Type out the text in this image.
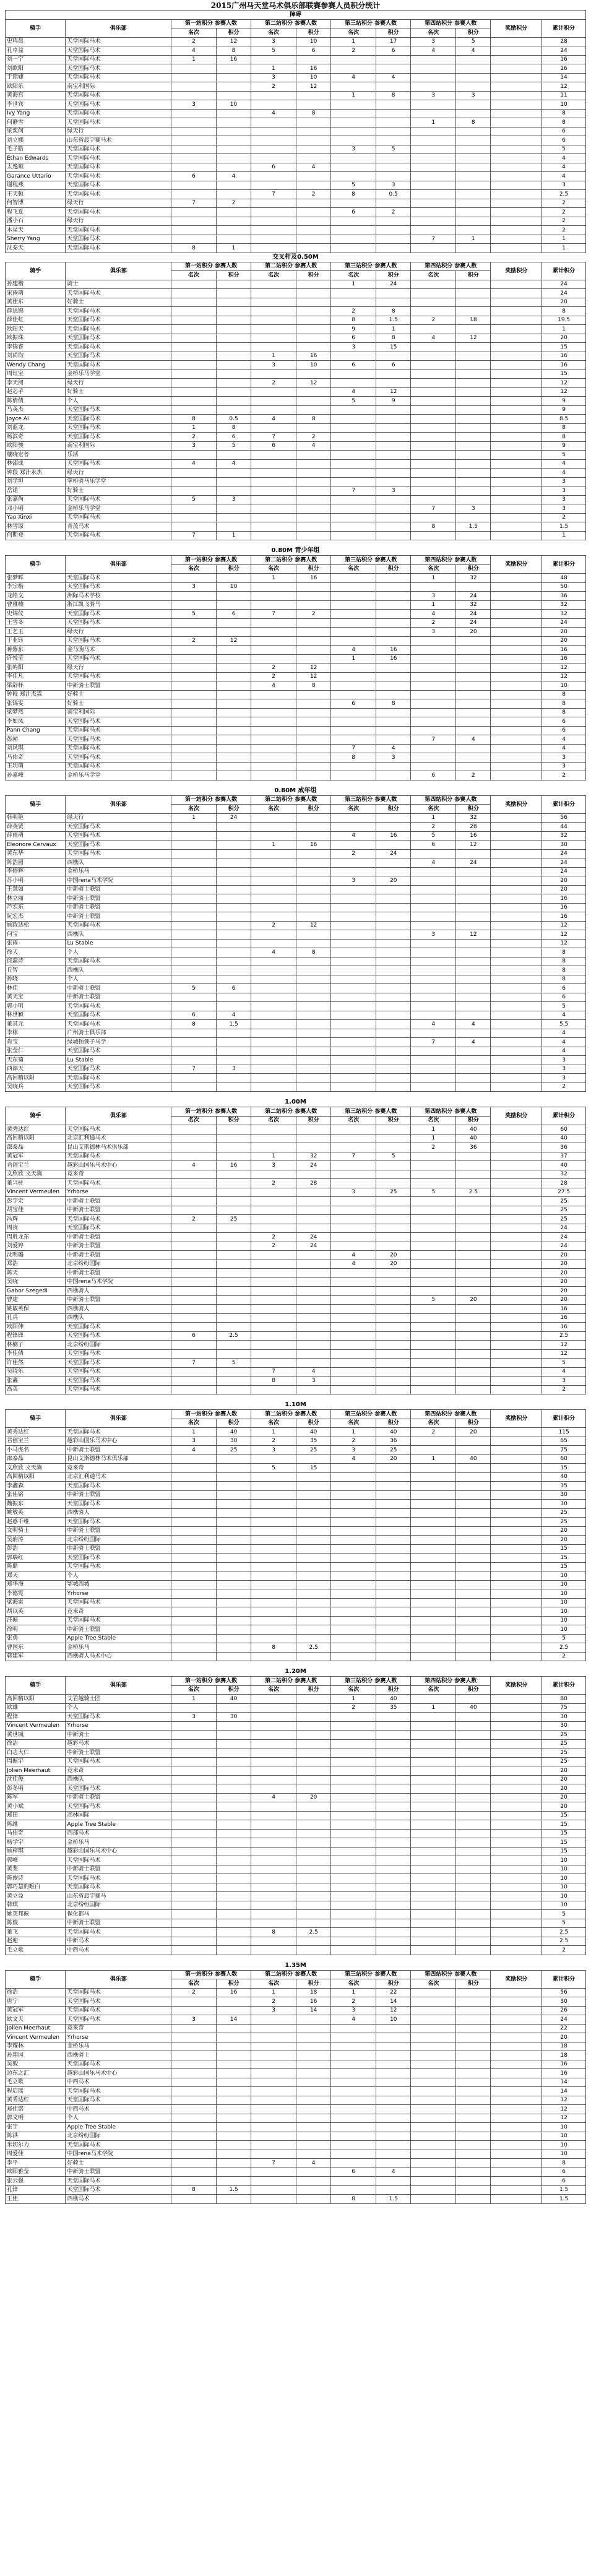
2015广州马天堂马术俱乐部联赛参赛人员积分统计
障碍											
骑手	俱乐部	第一站积分 参赛人数		第二站积分 参赛人数		第三站积分 参赛人数		第四站积分 参赛人数		奖励积分	累计积分
		名次	积分	名次	积分	名次	积分	名次	积分		
史鸣晨	天堂国际马术	2	12	3	10	1	17	3	5		28
孔卓益	天堂国际马术	4	8	5	6	2	6	4	4		24
刘一宁	天堂国际马术	1	16								16
刘欧阳	天堂国际马术			1	16						16
于铭婕	天堂国际马术			3	10	4	4				14
欧阳乐	南宝利国际			2	12						12
黄海宫	天堂国际马术					1	8	3	3		11
李世宾	天堂国际马术	3	10								10
Ivy Yang	天堂国际马术			4	8						8
何静雪	天堂国际马术							1	8		8
梁奕何	绿天行										6
刘立娜	山东省晨宇赛马术										6
毛子皓	天堂国际马术					3	5				5
Ethan Edwards	天堂国际马术										4
太逸顺	天堂国际马术			6	4						4
Garance Uttario	天堂国际马术	6	4								4
谢程燕	天堂国际马术					5	3				3
王天顿	天堂国际马术			7	2	8	0.5				2.5
何智博	绿天行	7	2								2
程飞夏	天堂国际马术					6	2				2
潘小石	绿天行										2
木星天	天堂国际马术										2
Sherry Yang	天堂国际马术							7	1		1
沈泰天	天堂国际马术	8	1								1
交叉杆及0.50M
骑手	俱乐部	第一站积分 参赛人数		第二站积分 参赛人数		第三站积分 参赛人数		第四站积分 参赛人数		奖励积分	累计积分
		名次	积分	名次	积分	名次	积分	名次	积分		
孙建楷	骑士					1	24				24
宋雨萌	天堂国际马术										24
黄佳东	好骑士										20
薛思锦	天堂国际马术					2	8				8
薛佳虹	天堂国际马术					8	1.5	2	18		19.5
欧阳天	天堂国际马术					9	1				1
欧振珠	天堂国际马术					6	8	4	12		20
李锦睿	天堂国际马术					3	15				15
刘尚均	天堂国际马术			1	16						16
Wendy Chang	天堂国际马术			3	10	6	6				16
周钰宝	金桥乐马学堂										15
李天阅	绿天行			2	12						12
赵芯芋	好骑士					4	12				12
陈倩倩	个人					5	9				9
马英杰	天堂国际马术										9
Joyce Ai	天堂国际马术	8	0.5	4	8						8.5
刘蓝龙	天堂国际马术	1	8								8
杨滨奇	天堂国际马术	2	6	7	2						8
欧阳骏	南宝利国际	3	5	6	4						9
楼晓宏者	乐活										5
林邵成	天堂国际马术	4	4								4
钟段 郑汁永杰	绿天行										4
刘学坦	掌柜骑马乐学堂										3
岳诺	好骑士					7	3				3
张嘉尚	天堂国际马术	5	3								3
邓小明	金桥乐马学堂							7	3		3
Yao Xinxi	天堂国际马术										2
林雪原	青茂马术							8	1.5		1.5
何斯登	天堂国际马术	7	1								1
0.80M 青少年组
骑手	俱乐部	第一站积分 参赛人数		第二站积分 参赛人数		第三站积分 参赛人数		第四站积分 参赛人数		奖励积分	累计积分
		名次	积分	名次	积分	名次	积分	名次	积分		
张梦晖	天堂国际马术			1	16			1	32		48
李宗楷	天堂国际马术	3	10								50
龙皓文	洲际马术学校							3	24		36
曹雅楠	浙江凯飞骑马							1	32		32
史锦仪	天堂国际马术	5	6	7	2			4	24		32
王雪冬	天堂国际马术							2	24		24
王艺玉	绿天行							3	20		20
于业钰	天堂国际马术	2	12								20
蒋紫东	金马驹马术					4	16				16
许悦莹	天堂国际马术					1	16				16
张屿阳	绿天行			2	12						12
李佳凡	天堂国际马术			2	12						12
梁辞杯	中新骑士联盟			4	8						10
钟段 郑汁杰霖	好骑士										8
张锦雯	好骑士					6	8				8
梁梦然	南宝利国际										8
李如凤	天堂国际马术										6
Pann Chang	天堂国际马术										6
彭闻	天堂国际马术							7	4		4
刘风琪	天堂国际马术					7	4				4
马佑奇	天堂国际马术					8	3				3
王玥萌	天堂国际马术										3
孙嘉峰	金桥乐马学堂							6	2		2
0.80M 成年组
骑手	俱乐部	第一站积分 参赛人数		第二站积分 参赛人数		第三站积分 参赛人数		第四站积分 参赛人数		奖励积分	累计积分
		名次	积分	名次	积分	名次	积分	名次	积分		
韩明艳	绿天行	1	24					1	32		56
薛英贤	天堂国际马术							2	28		44
薛雨萌	天堂国际马术					4	16	5	16		32
Eleonore Cervaux	天堂国际马术			1	16			6	12		30
黄东华	天堂国际马术					2	24				24
陈浩圆	西樵队							4	24		24
李婷辉	金桥乐马										24
苏小明	中国rena马术学院					3	20				20
王慧如	中新骑士联盟										20
林立丽	中新骑士联盟										16
芦宏东	中新骑士联盟										16
阮宏杰	中新骑士联盟										16
顾政达松	天堂国际马术			2	12						12
何宝	西樵队							3	12		12
张雨	Lu Stable										12
徐天	个人			4	8						8
邱蕊诗	天堂国际马术										8
丘智	西樵队										8
孙晓	个人										8
林佳	中新骑士联盟	5	6								6
黄天宝	中新骑士联盟										6
郭小明	天堂国际马术										5
林世颖	天堂国际马术	6	4								4
董其元	天堂国际马术	8	1.5					4	4		5.5
李栋	广州骑士俱乐部										4
肖宝	绿城顿领子马学							7	4		4
张莹仁	天堂国际马术										4
天东菊	Lu Stable										3
西部天	天堂国际马术	7	3								3
高回精以阳	天堂国际马术										3
吴晓兵	天堂国际马术										2
1.00M
骑手	俱乐部	第一站积分 参赛人数		第二站积分 参赛人数		第三站积分 参赛人数		第四站积分 参赛人数		奖励积分	累计积分
		名次	积分	名次	积分	名次	积分	名次	积分		
黄秀达红	天堂国际马术							1	40		60
高回精以阳	北京汇利通马术							1	40		40
邵泰晶	昆山艾斯德林马术俱乐部							2	36		36
黄冠军	天堂国际马术			1	32	7	5				37
君创宝兰	越彩山国乐马术中心	4	16	3	24						40
文欣欣 文天驹	竞来奇										32
董兴驻	天堂国际马术			2	28						28
Vincent Vermeulen	Yrhorse					3	25	5	2.5		27.5
彭宇宏	中新骑士联盟										25
胡宝佳	中新骑士联盟										25
冯辉	天堂国际马术	2	25								25
周夜	天堂国际马术										24
周胜龙东	中新骑士联盟			2	24						24
刘爱婷	中新骑士联盟			2	24						24
沈明璐	中新骑士联盟					4	20				20
郑浩	北京纷纷国际					4	20				20
陈天	中新骑士联盟										20
吴晓	中国rena马术学院										20
Gabor Szegedi	西樵骑人										20
曹建	中新骑士联盟							5	20		20
姚敏英保	西樵骑人										16
孔兵	西樵队										16
欧阳伸	天堂国际马术										16
程锋锋	天堂国际马术	6	2.5								2.5
林楠子	北京纷纷国际										12
李佳倩	天堂国际马术										12
许佳然	天堂国际马术	7	5								5
吴晓乐	天堂国际马术			7	4						4
张鑫	天堂国际马术			8	3						3
高英	天堂国际马术										2
1.10M
骑手	俱乐部	第一站积分 参赛人数		第二站积分 参赛人数		第三站积分 参赛人数		第四站积分 参赛人数		奖励积分	累计积分
		名次	积分	名次	积分	名次	积分	名次	积分		
黄秀达红	天堂国际马术	1	40	1	40	1	40	2	20		115
君创宝兰	越彩山国乐马术中心	3	30	2	35	2	36				65
小马虎名	中新骑士联盟	4	25	3	25	3	25				75
邵泰晶	昆山艾斯德林马术俱乐部					4	20	1	40		60
文欣欣 文天驹	竞来奇			5	15						15
高回精以阳	北京汇利通马术										40
李鑫森	天堂国际马术										35
张佳铭	中新骑士联盟										30
魏振东	天堂国际马术										30
姚敏英	西樵骑人										25
赵惑千维	天堂国际马术										25
文明骑士	中新骑士联盟										20
吴韵涛	北京纷纷国际										20
彭浩	中新骑士联盟										15
郭瑞红	天堂国际马术										15
陈鼎	天堂国际马术										15
郑天	个人										10
郑华海	鄂城西城										10
李德霓	Yrhorse										10
梁海雷	天堂国际马术										10
胡以英	竞来奇										10
汪振	天堂国际马术										10
徐明	中新骑士联盟										10
张勇	Apple Tree Stable										5
曹国东	金桥乐马			8	2.5						2.5
韩建军	西樵骑人马术中心										2
1.20M
骑手	俱乐部	第一站积分 参赛人数		第二站积分 参赛人数		第三站积分 参赛人数		第四站积分 参赛人数		奖励积分	累计积分
		名次	积分	名次	积分	名次	积分	名次	积分		
高回精以阳	艾君越骑士团	1	40			1	40				80
欧雄	个人					2	35	1	40		75
程锋	天堂国际马术	3	30								30
Vincent Vermeulen	Yrhorse										30
黄世城	中新骑士										25
徐洁	越彩马术										25
白志大仁	中新骑士联盟										25
周振宇	天堂国际马术										25
Jolien Meerhaut	竞来奇										20
沈佳俊	西樵队										20
彭冬明	天堂国际马术										20
陈军	中新骑士联盟			4	20						20
黄小斌	天堂国际马术										20
郑田	高林国际										15
陈维	Apple Tree Stable										15
马佑奇	西部马术										15
杨学宇	金桥乐马										15
顾梓琪	越彩山国乐马术中心										15
郭峰	天堂国际马术										10
黄斐	中新骑士联盟										10
陈俊诗	天堂国际马术										10
郭巧慧的唯白	天堂国际马术										10
黄立益	山东省晨宇赛马										10
韩琪	北京纷纷国际										10
姚英邦振	保化都马										5
陈俊	中新骑士联盟										5
董飞	天堂国际马术			8	2.5						2.5
赵迎	中新马术										2.5
毛立歌	中西马术										2
1.35M
骑手	俱乐部	第一站积分 参赛人数		第二站积分 参赛人数		第三站积分 参赛人数		第四站积分 参赛人数		奖励积分	累计积分
		名次	积分	名次	积分	名次	积分	名次	积分		
徐浩	天堂国际马术	2	16	1	18	1	22				56
唐宁	天堂国际马术			2	16	2	14				30
黄冠军	天堂国际马术			3	14	3	12				26
欧文天	天堂国际马术	3	14			4	10				24
Jolien Meerhaut	竞来奇										22
Vincent Vermeulen	Yrhorse										20
李耀林	金桥乐马										18
孙翔园	西樵骑士										18
吴毅	天堂国际马术										16
边东之汇	越彩山国乐马术中心										16
毛立歌	中西马术										14
程启瑶	天堂国际马术										14
黄秀达红	天堂国际马术										12
郑佳铭	中西马术										12
郭文明	个人										12
张宇	Apple Tree Stable										10
陈洪	北京纷纷国际										10
米切尔力	天堂国际马术										10
周爱佳	中国rena马术学院										10
李平	好骑士			7	4						8
欧阳雅莹	中新骑士联盟					6	4				6
张云强	天堂国际马术										6
孔锋	天堂国际马术	8	1.5								1.5
王佳	西樵马术					8	1.5				1.5
